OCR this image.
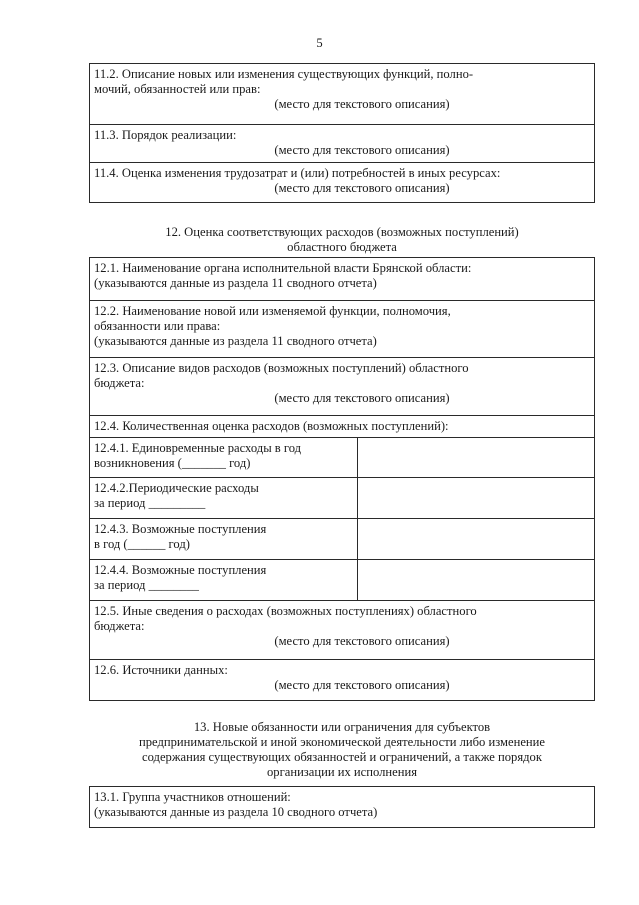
5
11.2. Описание новых или изменения существующих функций, полно-
мочий, обязанностей или прав:
(место для текстового описания)
11.3. Порядок реализации:
(место для текстового описания)
11.4. Оценка изменения трудозатрат и (или) потребностей в иных ресурсах:
(место для текстового описания)
12. Оценка соответствующих расходов (возможных поступлений)
областного бюджета
12.1. Наименование органа исполнительной власти Брянской области:
(указываются данные из раздела 11 сводного отчета)
12.2. Наименование новой или изменяемой функции, полномочия,
обязанности или права:
(указываются данные из раздела 11 сводного отчета)
12.3. Описание видов расходов (возможных поступлений) областного
бюджета:
(место для текстового описания)
12.4. Количественная оценка расходов (возможных поступлений):
12.4.1. Единовременные расходы в год
возникновения (_______ год)
12.4.2.Периодические расходы
за период _________
12.4.3. Возможные поступления
в год (______ год)
12.4.4. Возможные поступления
за период ________
12.5. Иные сведения о расходах (возможных поступлениях) областного
бюджета:
(место для текстового описания)
12.6. Источники данных:
(место для текстового описания)
13. Новые обязанности или ограничения для субъектов
предпринимательской и иной экономической деятельности либо изменение
содержания существующих обязанностей и ограничений, а также порядок
организации их исполнения
13.1. Группа участников отношений:
(указываются данные из раздела 10 сводного отчета)
